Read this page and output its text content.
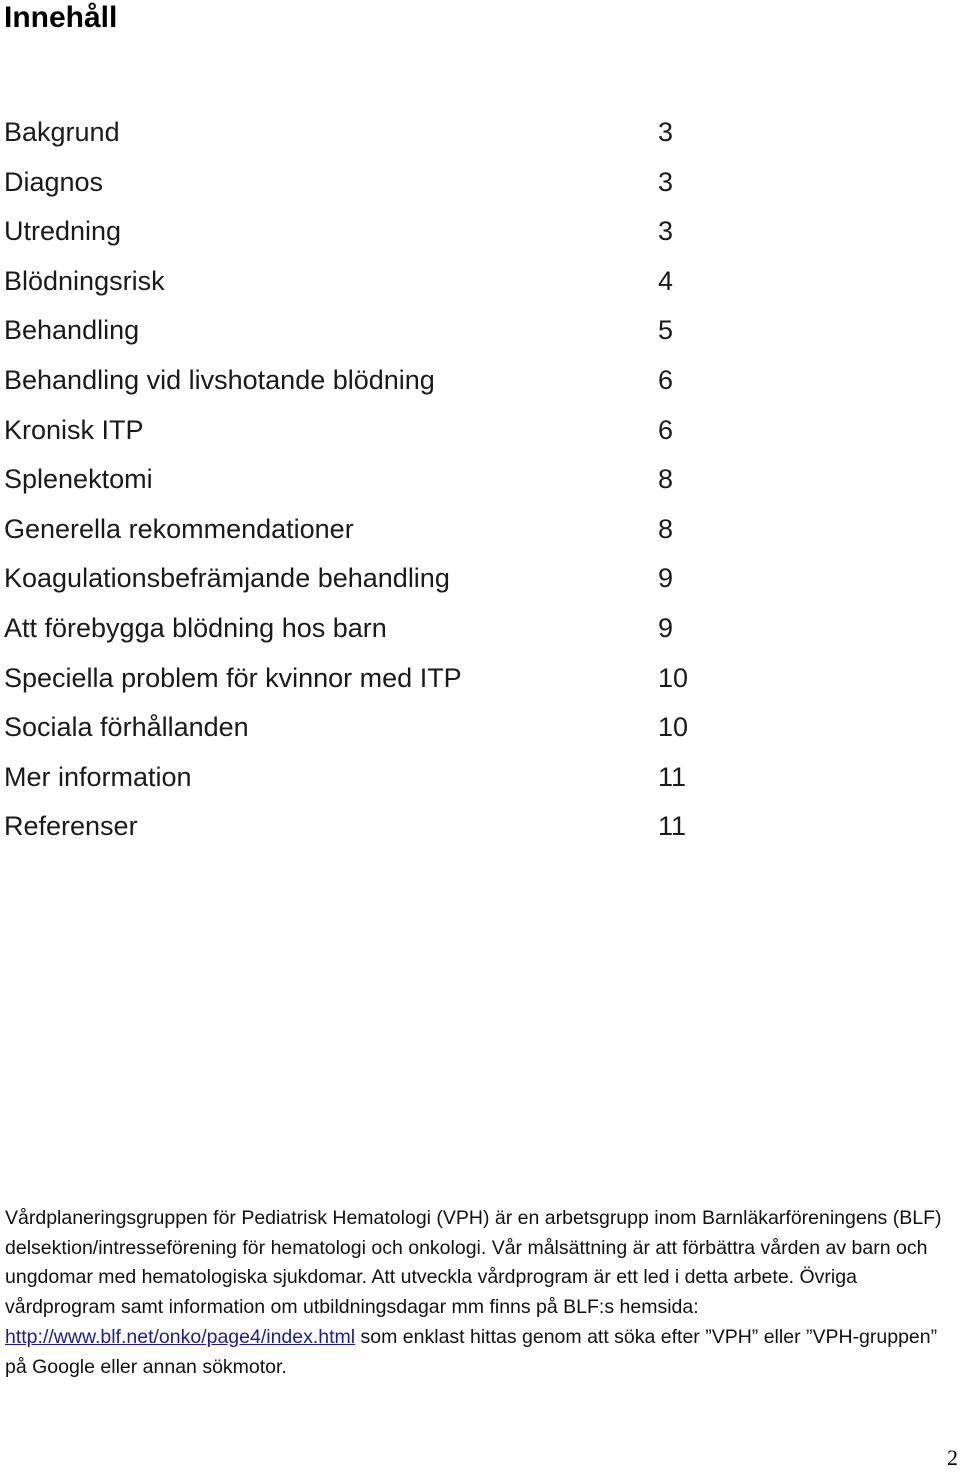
Innehåll
Bakgrund	3
Diagnos	3
Utredning	3
Blödningsrisk	4
Behandling	5
Behandling vid livshotande blödning	6
Kronisk ITP	6
Splenektomi	8
Generella rekommendationer	8
Koagulationsbefrämjande behandling	9
Att förebygga blödning hos barn	9
Speciella problem för kvinnor med ITP	10
Sociala förhållanden	10
Mer information	11
Referenser	11
Vårdplaneringsgruppen för Pediatrisk Hematologi (VPH) är en arbetsgrupp inom Barnläkarföreningens (BLF) delsektion/intresseförening för hematologi och onkologi. Vår målsättning är att förbättra vården av barn och ungdomar med hematologiska sjukdomar. Att utveckla vårdprogram är ett led i detta arbete. Övriga vårdprogram samt information om utbildningsdagar mm finns på BLF:s hemsida: http://www.blf.net/onko/page4/index.html som enklast hittas genom att söka efter ”VPH” eller ”VPH-gruppen” på Google eller annan sökmotor.
2
